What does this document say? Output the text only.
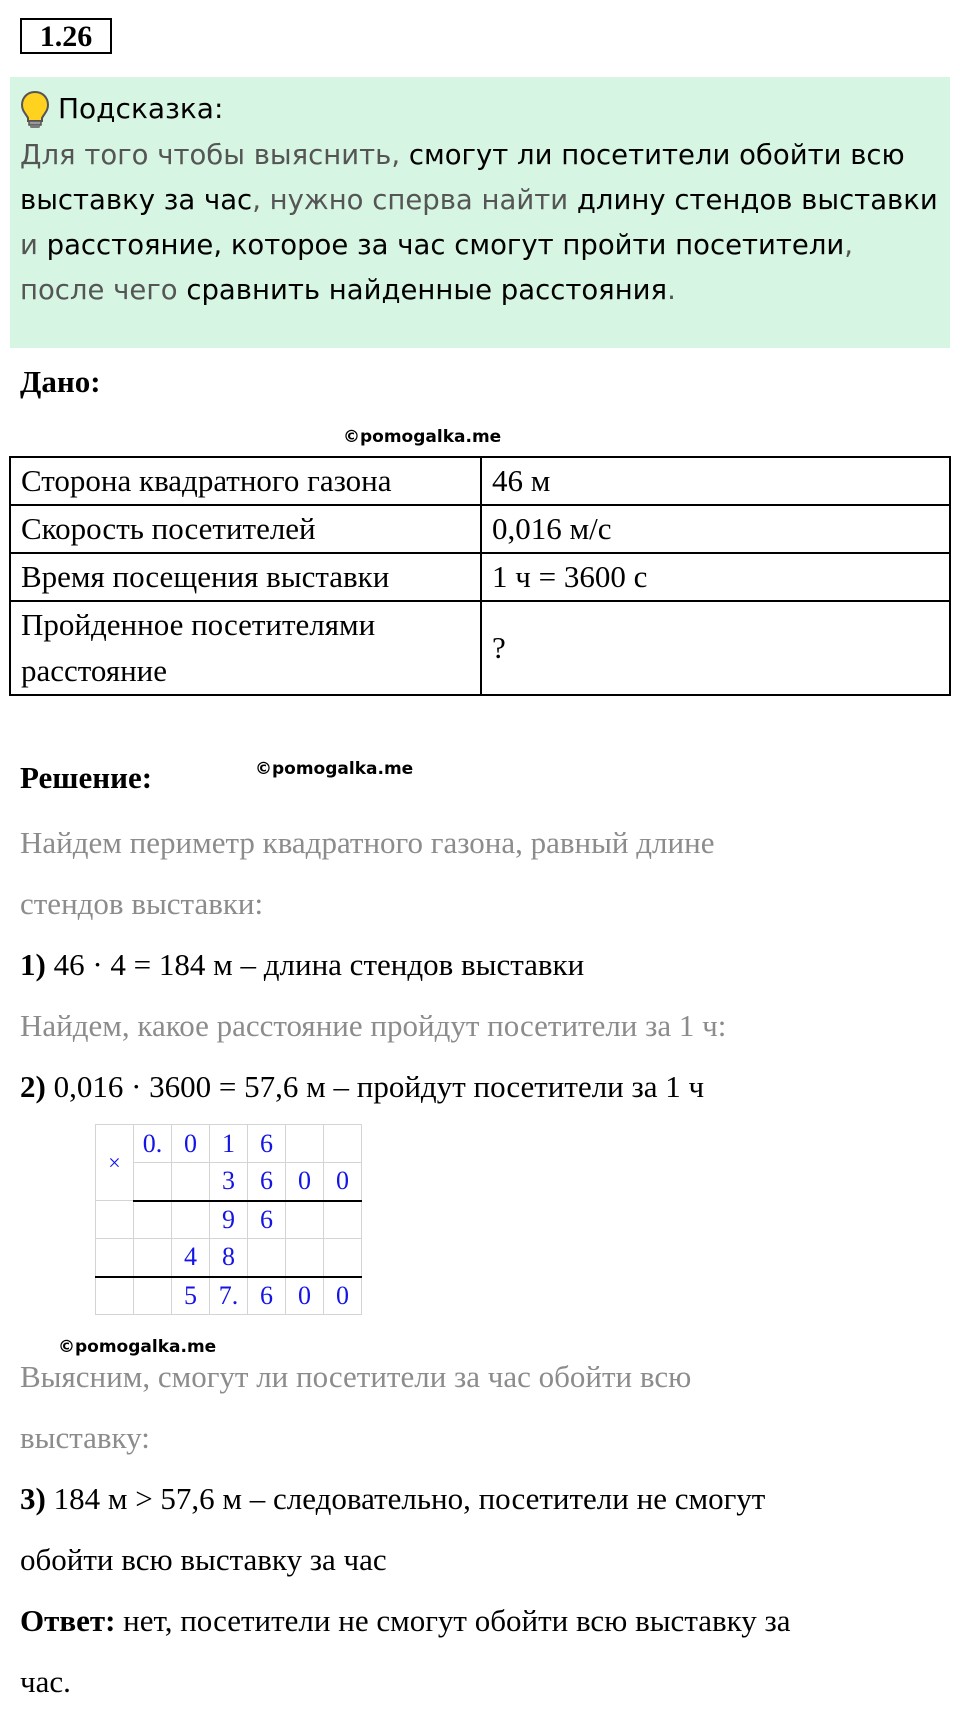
1.26
Подсказка:
Для того чтобы выяснить, смогут ли посетители обойти всю выставку за час, нужно сперва найти длину стендов выставки и расстояние, которое за час смогут пройти посетители, после чего сравнить найденные расстояния.
Дано:
©pomogalka.me
Сторона квадратного газона	46 м
Скорость посетителей	0,016 м/с
Время посещения выставки	1 ч = 3600 с
Пройденное посетителями расстояние	?
Решение:	©pomogalka.me
Найдем периметр квадратного газона, равный длине
стендов выставки:
1) 46 · 4 = 184 м – длина стендов выставки
Найдем, какое расстояние пройдут посетители за 1 ч:
2) 0,016 · 3600 = 57,6 м – пройдут посетители за 1 ч
×	0.	0	1	6		
			3	6	0	0
			9	6		
		4	8			
		5	7.	6	0	0
©pomogalka.me
Выясним, смогут ли посетители за час обойти всю
выставку:
3) 184 м > 57,6 м – следовательно, посетители не смогут
обойти всю выставку за час
Ответ: нет, посетители не смогут обойти всю выставку за
час.
